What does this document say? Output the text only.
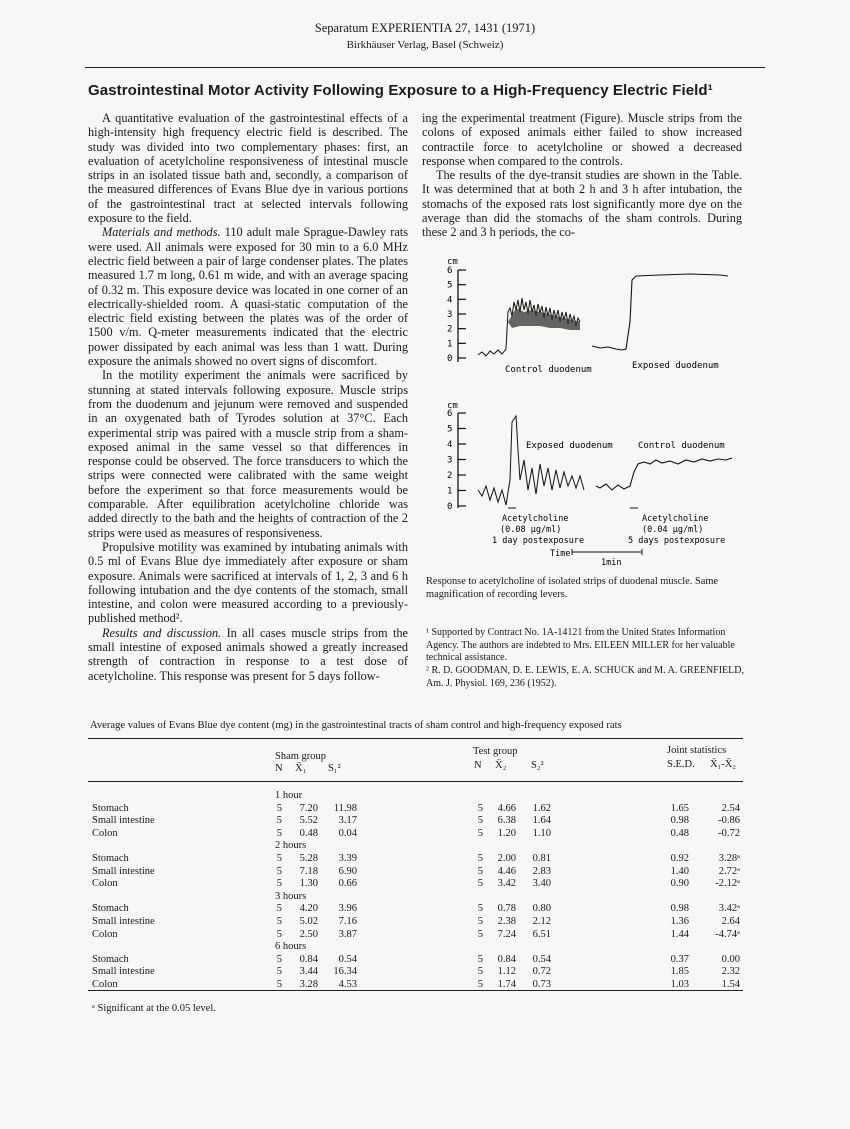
Separatum EXPERIENTIA 27, 1431 (1971)
Birkhäuser Verlag, Basel (Schweiz)
Gastrointestinal Motor Activity Following Exposure to a High-Frequency Electric Field¹

A quantitative evaluation of the gastrointestinal effects of a high-intensity high frequency electric field is described. The study was divided into two complementary phases: first, an evaluation of acetylcholine responsiveness of intestinal muscle strips in an isolated tissue bath and, secondly, a comparison of the measured differences of Evans Blue dye in various portions of the gastrointestinal tract at selected intervals following exposure to the field.

Materials and methods. 110 adult male Sprague-Dawley rats were used. All animals were exposed for 30 min to a 6.0 MHz electric field between a pair of large condenser plates. The plates measured 1.7 m long, 0.61 m wide, and with an average spacing of 0.32 m. This exposure device was located in one corner of an electrically-shielded room. A quasi-static computation of the electric field existing between the plates was of the order of 1500 v/m. Q-meter measurements indicated that the electric power dissipated by each animal was less than 1 watt. During exposure the animals showed no overt signs of discomfort.

In the motility experiment the animals were sacrificed by stunning at stated intervals following exposure. Muscle strips from the duodenum and jejunum were removed and suspended in an oxygenated bath of Tyrodes solution at 37°C. Each experimental strip was paired with a muscle strip from a sham-exposed animal in the same vessel so that differences in response could be observed. The force transducers to which the strips were connected were calibrated with the same weight before the experiment so that force measurements would be comparable. After equilibration acetylcholine chloride was added directly to the bath and the heights of contraction of the 2 strips were used as measures of responsiveness.

Propulsive motility was examined by intubating animals with 0.5 ml of Evans Blue dye immediately after exposure or sham exposure. Animals were sacrificed at intervals of 1, 2, 3 and 6 h following intubation and the dye contents of the stomach, small intestine, and colon were measured according to a previously-published method².

Results and discussion. In all cases muscle strips from the small intestine of exposed animals showed a greatly increased strength of contraction in response to a test dose of acetylcholine. This response was present for 5 days follow-

ing the experimental treatment (Figure). Muscle strips from the colons of exposed animals either failed to show increased contractile force to acetylcholine or showed a decreased response when compared to the controls.

The results of the dye-transit studies are shown in the Table. It was determined that at both 2 h and 3 h after intubation, the stomachs of the exposed rats lost significantly more dye on the average than did the stomachs of the sham controls. During these 2 and 3 h periods, the co-

cm
6
5
4
3
2
1
0
Control duodenum	Exposed duodenum
cm
6
5
4
3
2
1
0
Exposed duodenum	Control duodenum
Acetylcholine
(0.08 µg/ml)
1 day postexposure
Acetylcholine
(0.04 µg/ml)
5 days postexposure
Time
1min
Response to acetylcholine of isolated strips of duodenal muscle. Same magnification of recording levers.

¹ Supported by Contract No. 1A-14121 from the United States Information Agency. The authors are indebted to Mrs. EILEEN MILLER for her valuable technical assistance.

² R. D. GOODMAN, D. E. LEWIS, E. A. SCHUCK and M. A. GREENFIELD, Am. J. Physiol. 169, 236 (1952).

Average values of Evans Blue dye content (mg) in the gastrointestinal tracts of sham control and high-frequency exposed rats
Sham group	Test group	Joint statistics
N X̄₁ S₁²	N X̄₂ S₂²	S.E.D. X̄₁-X̄₂
1 hour
Stomach	5	7.20	11.98	5	4.66	1.62	1.65	2.54
Small intestine	5	5.52	3.17	5	6.38	1.64	0.98	-0.86
Colon	5	0.48	0.04	5	1.20	1.10	0.48	-0.72
2 hours
Stomach	5	5.28	3.39	5	2.00	0.81	0.92	3.28ᵃ
Small intestine	5	7.18	6.90	5	4.46	2.83	1.40	2.72ᵃ
Colon	5	1.30	0.66	5	3.42	3.40	0.90	-2.12ᵃ
3 hours
Stomach	5	4.20	3.96	5	0.78	0.80	0.98	3.42ᵃ
Small intestine	5	5.02	7.16	5	2.38	2.12	1.36	2.64
Colon	5	2.50	3.87	5	7.24	6.51	1.44	-4.74ᵃ
6 hours
Stomach	5	0.84	0.54	5	0.84	0.54	0.37	0.00
Small intestine	5	3.44	16.34	5	1.12	0.72	1.85	2.32
Colon	5	3.28	4.53	5	1.74	0.73	1.03	1.54
ᵃ Significant at the 0.05 level.
